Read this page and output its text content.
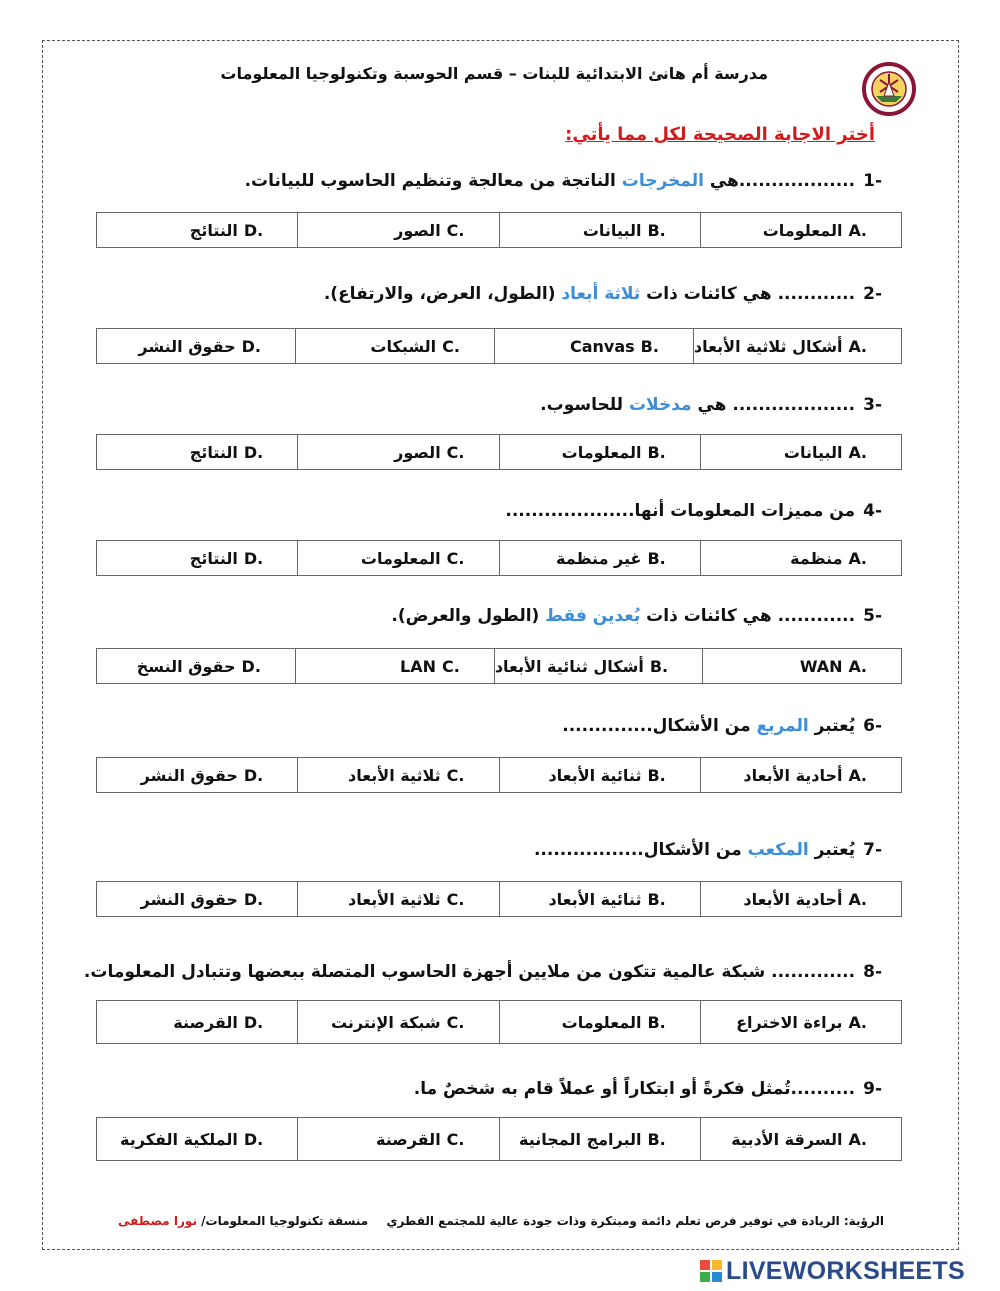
مدرسة أم هانئ الابتدائية للبنات – قسم الحوسبة وتكنولوجيا المعلومات
أختر الاجابة الصحيحة لكل مما يأتي:
-1..................هي المخرجات الناتجة من معالجة وتنظيم الحاسوب للبيانات.
.A
المعلومات
.B
البيانات
.C
الصور
.D
النتائج
-2............ هي كائنات ذات ثلاثة أبعاد (الطول، العرض، والارتفاع).
.A
أشكال ثلاثية الأبعاد
.B
Canvas
.C
الشبكات
.D
حقوق النشر
-3................... هي مدخلات للحاسوب.
.A
البيانات
.B
المعلومات
.C
الصور
.D
النتائج
-4من مميزات المعلومات أنها....................
.A
منظمة
.B
غير منظمة
.C
المعلومات
.D
النتائج
-5............ هي كائنات ذات بُعدين فقط (الطول والعرض).
.A
WAN
.B
أشكال ثنائية الأبعاد
.C
LAN
.D
حقوق النسخ
-6يُعتبر المربع من الأشكال..............
.A
أحادية الأبعاد
.B
ثنائية الأبعاد
.C
ثلاثية الأبعاد
.D
حقوق النشر
-7يُعتبر المكعب من الأشكال.................
.A
أحادية الأبعاد
.B
ثنائية الأبعاد
.C
ثلاثية الأبعاد
.D
حقوق النشر
-8............. شبكة عالمية تتكون من ملايين أجهزة الحاسوب المتصلة ببعضها وتتبادل المعلومات.
.A
براءة الاختراع
.B
المعلومات
.C
شبكة الإنترنت
.D
القرصنة
-9..........تُمثل فكرةً أو ابتكاراً أو عملاً قام به شخصٌ ما.
.A
السرقة الأدبية
.B
البرامج المجانية
.C
القرصنة
.D
الملكية الفكرية
الرؤية: الريادة في توفير فرص تعلم دائمة ومبتكرة وذات جودة عالية للمجتمع القطري
منسقة تكنولوجيا المعلومات/ نورا مصطفى
LIVEWORKSHEETS
